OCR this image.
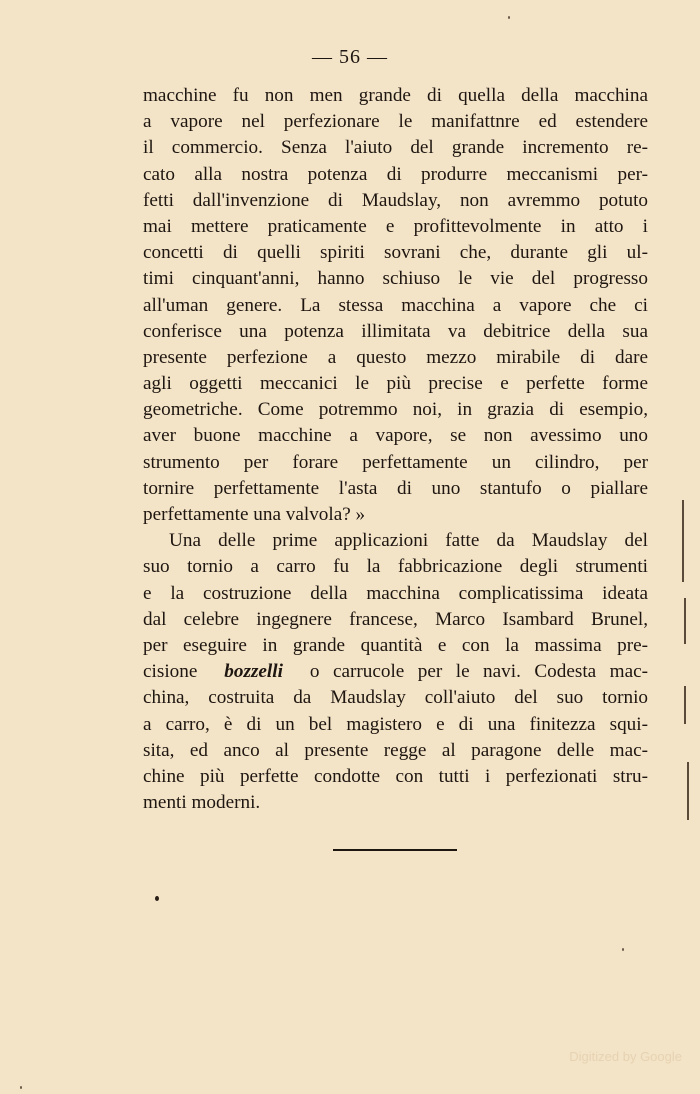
— 56 —
macchine fu non men grande di quella della macchina
a vapore nel perfezionare le manifattnre ed estendere
il commercio. Senza l'aiuto del grande incremento re-
cato alla nostra potenza di produrre meccanismi per-
fetti dall'invenzione di Maudslay, non avremmo potuto
mai mettere praticamente e profittevolmente in atto i
concetti di quelli spiriti sovrani che, durante gli ul-
timi cinquant'anni, hanno schiuso le vie del progresso
all'uman genere. La stessa macchina a vapore che ci
conferisce una potenza illimitata va debitrice della sua
presente perfezione a questo mezzo mirabile di dare
agli oggetti meccanici le più precise e perfette forme
geometriche. Come potremmo noi, in grazia di esempio,
aver buone macchine a vapore, se non avessimo uno
strumento per forare perfettamente un cilindro, per
tornire perfettamente l'asta di uno stantufo o piallare
perfettamente una valvola? »
Una delle prime applicazioni fatte da Maudslay del
suo tornio a carro fu la fabbricazione degli strumenti
e la costruzione della macchina complicatissima ideata
dal celebre ingegnere francese, Marco Isambard Brunel,
per eseguire in grande quantità e con la massima pre-
cisione bozzelli o carrucole per le navi. Codesta mac-
china, costruita da Maudslay coll'aiuto del suo tornio
a carro, è di un bel magistero e di una finitezza squi-
sita, ed anco al presente regge al paragone delle mac-
chine più perfette condotte con tutti i perfezionati stru-
menti moderni.
Digitized by Google
